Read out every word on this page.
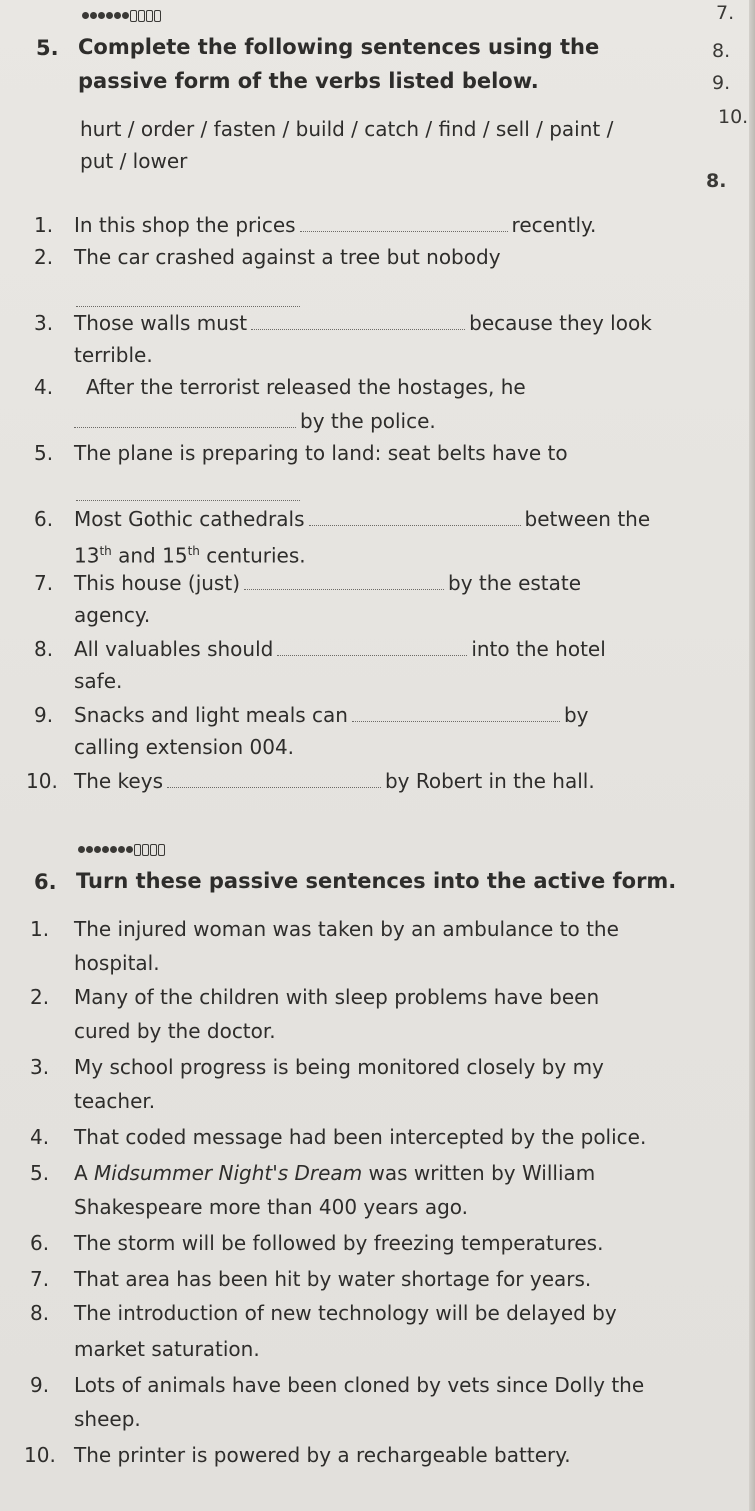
7.
8.
9.
10.
8.
5. Complete the following sentences using the
passive form of the verbs listed below.
hurt / order / fasten / build / catch / find / sell / paint /
put / lower
1. In this shop the prices	recently.
2. The car crashed against a tree but nobody
3. Those walls must	because they look
terrible.
4. After the terrorist released the hostages, he
by the police.
5. The plane is preparing to land: seat belts have to
6. Most Gothic cathedrals	between the
13th and 15th centuries.
7. This house (just)	by the estate
agency.
8. All valuables should	into the hotel
safe.
9. Snacks and light meals can	by
calling extension 004.
10. The keys	by Robert in the hall.
6. Turn these passive sentences into the active form.
1. The injured woman was taken by an ambulance to the
hospital.
2. Many of the children with sleep problems have been
cured by the doctor.
3. My school progress is being monitored closely by my
teacher.
4. That coded message had been intercepted by the police.
5. A Midsummer Night's Dream was written by William
Shakespeare more than 400 years ago.
6. The storm will be followed by freezing temperatures.
7. That area has been hit by water shortage for years.
8. The introduction of new technology will be delayed by
market saturation.
9. Lots of animals have been cloned by vets since Dolly the
sheep.
10. The printer is powered by a rechargeable battery.
